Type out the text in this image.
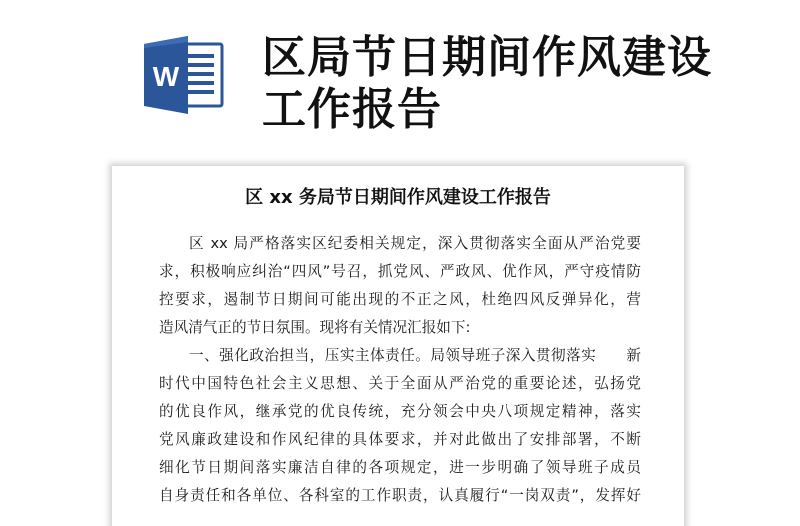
W 区局节日期间作风建设工作报告
区 xx 务局节日期间作风建设工作报告
区 xx 局严格落实区纪委相关规定，深入贯彻落实全面从严治党要
求，积极响应纠治“四风”号召，抓党风、严政风、优作风，严守疫情防
控要求，遏制节日期间可能出现的不正之风，杜绝四风反弹异化，营
造风清气正的节日氛围。现将有关情况汇报如下:
一、强化政治担当，压实主体责任。局领导班子深入贯彻落实　　新
时代中国特色社会主义思想、关于全面从严治党的重要论述，弘扬党
的优良作风，继承党的优良传统，充分领会中央八项规定精神，落实
党风廉政建设和作风纪律的具体要求，并对此做出了安排部署，不断
细化节日期间落实廉洁自律的各项规定，进一步明确了领导班子成员
自身责任和各单位、各科室的工作职责，认真履行“一岗双责”，发挥好
